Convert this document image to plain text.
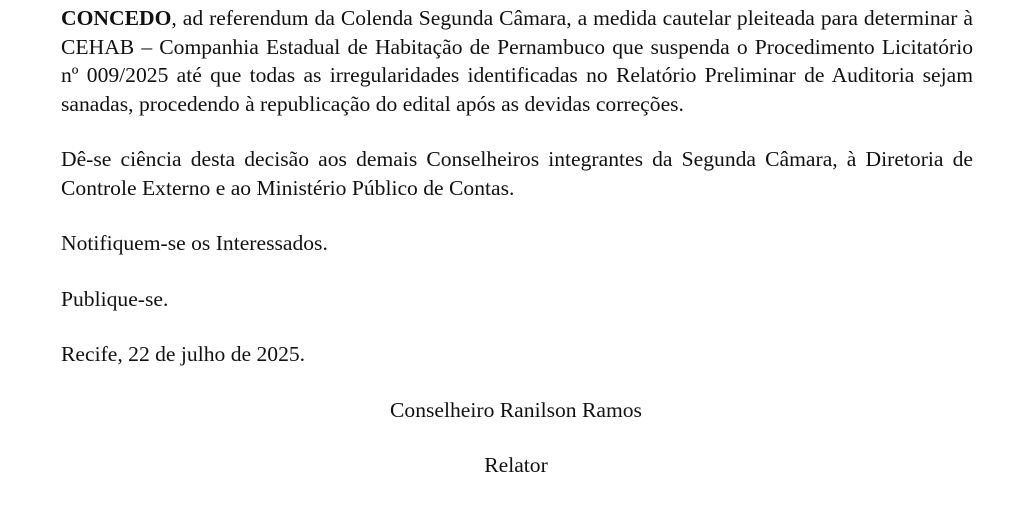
CONCEDO, ad referendum da Colenda Segunda Câmara, a medida cautelar pleiteada para determinar à CEHAB – Companhia Estadual de Habitação de Pernambuco que suspenda o Procedimento Licitatório nº 009/2025 até que todas as irregularidades identificadas no Relatório Preliminar de Auditoria sejam sanadas, procedendo à republicação do edital após as devidas correções.

Dê-se ciência desta decisão aos demais Conselheiros integrantes da Segunda Câmara, à Diretoria de Controle Externo e ao Ministério Público de Contas.

Notifiquem-se os Interessados.

Publique-se.

Recife, 22 de julho de 2025.

Conselheiro Ranilson Ramos

Relator
